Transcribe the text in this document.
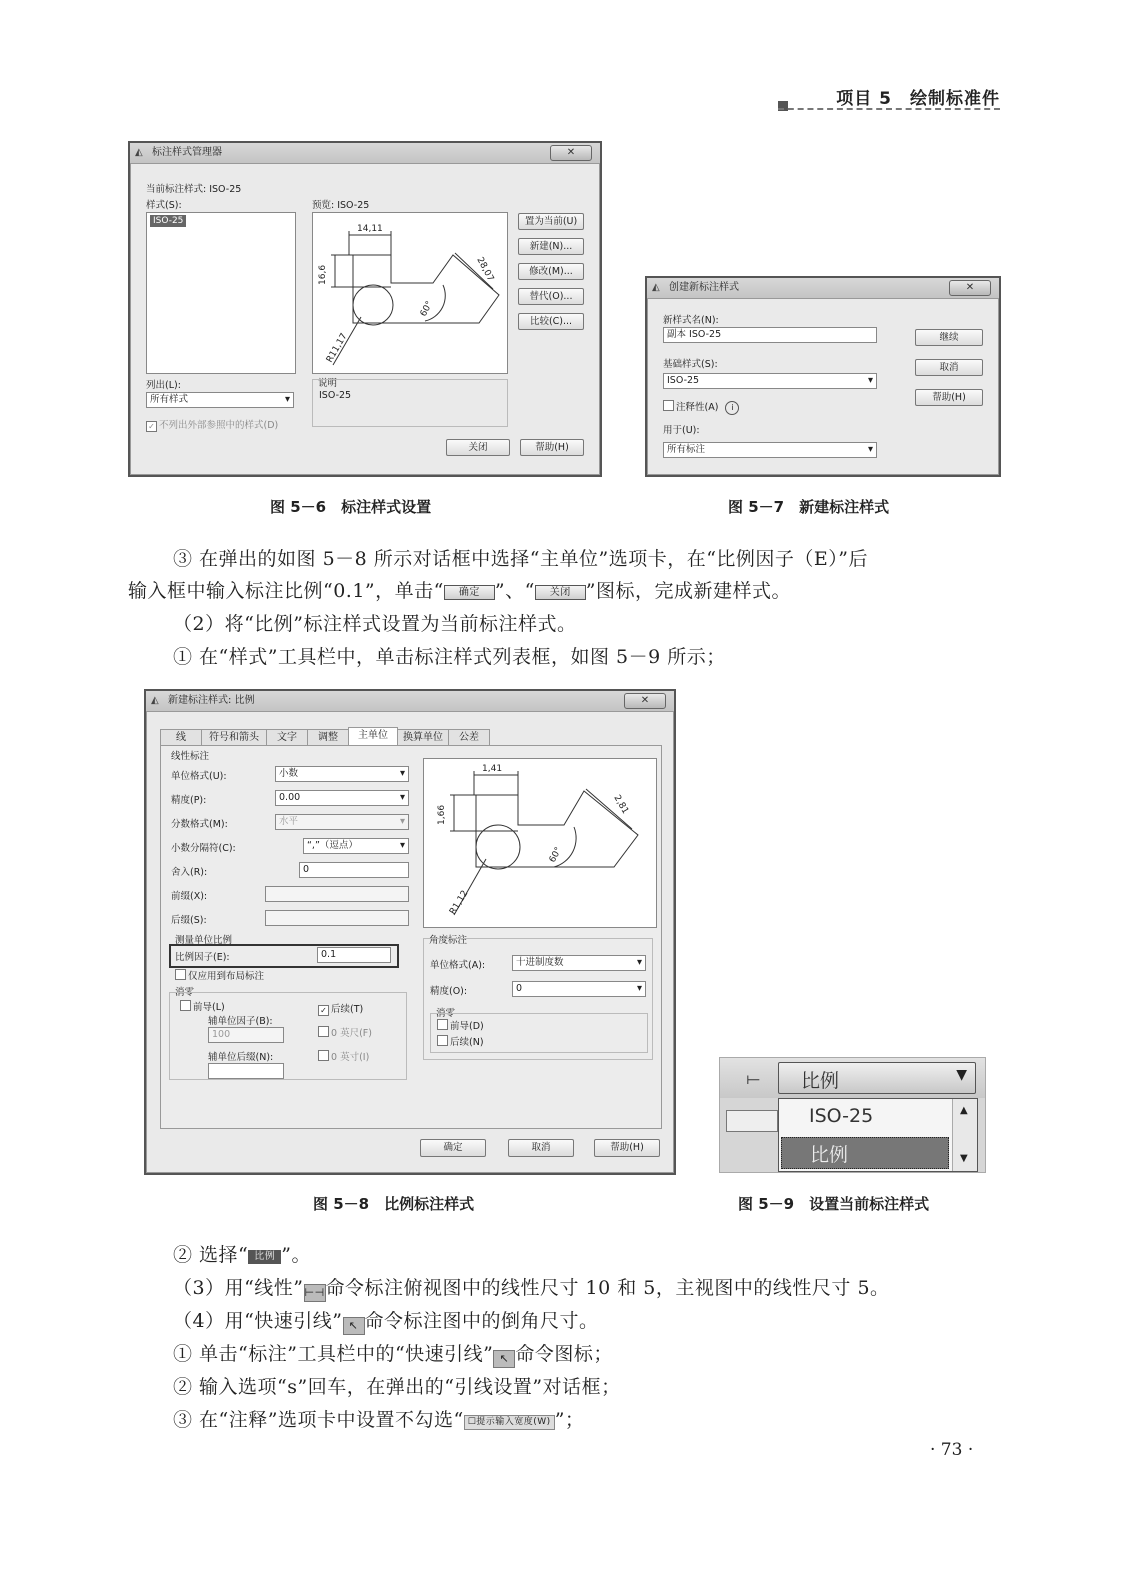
项目 5　绘制标准件
◭ 标注样式管理器	✕
当前标注样式: ISO-25
样式(S):
ISO-25
预览: ISO-25
14,11
16,6	28,07
60°
R11,17
置为当前(U)
新建(N)...
修改(M)...
替代(O)...
比较(C)...
列出(L):
所有样式 ▾
✓ 不列出外部参照中的样式(D)
说明
ISO-25
关闭	帮助(H)
◭ 创建新标注样式	✕
新样式名(N):
副本 ISO-25
基础样式(S):
ISO-25 ▾
注释性(A) i
用于(U):
所有标注 ▾
继续
取消
帮助(H)
图 5－6　标注样式设置	图 5－7　新建标注样式
③ 在弹出的如图 5－8 所示对话框中选择“主单位”选项卡，在“比例因子（E）”后
输入框中输入标注比例“0.1”，单击“ 确定 ”、“ 关闭 ”图标，完成新建样式。
（2）将“比例”标注样式设置为当前标注样式。
① 在“样式”工具栏中，单击标注样式列表框，如图 5－9 所示；
◭ 新建标注样式: 比例	✕
线	符号和箭头	文字	调整	主单位	换算单位	公差
线性标注
单位格式(U):	小数 ▾
精度(P):	0.00 ▾
分数格式(M):	水平 ▾
小数分隔符(C):	“,”（逗点） ▾
舍入(R):	0
前缀(X):
后缀(S):
测量单位比例
比例因子(E):	0.1
仅应用到布局标注
消零
前导(L)
辅单位因子(B):
100
辅单位后缀(N):
✓ 后续(T)
0 英尺(F)
0 英寸(I)
1,41
1,66	2,81
60°
R1,12
角度标注
单位格式(A):	十进制度数 ▾
精度(O):	0 ▾
消零
前导(D)
后续(N)
确定	取消	帮助(H)
⟝	比例	▼
ISO-25
比例
▲
▼
图 5－8　比例标注样式	图 5－9　设置当前标注样式
② 选择“ 比例 ”。
（3）用“线性”⊢⊣命令标注俯视图中的线性尺寸 10 和 5，主视图中的线性尺寸 5。
（4）用“快速引线” ↖ 命令标注图中的倒角尺寸。
① 单击“标注”工具栏中的“快速引线” ↖ 命令图标；
② 输入选项“s”回车，在弹出的“引线设置”对话框；
③ 在“注释”选项卡中设置不勾选“ ☐提示输入宽度(W) ”；
· 73 ·
